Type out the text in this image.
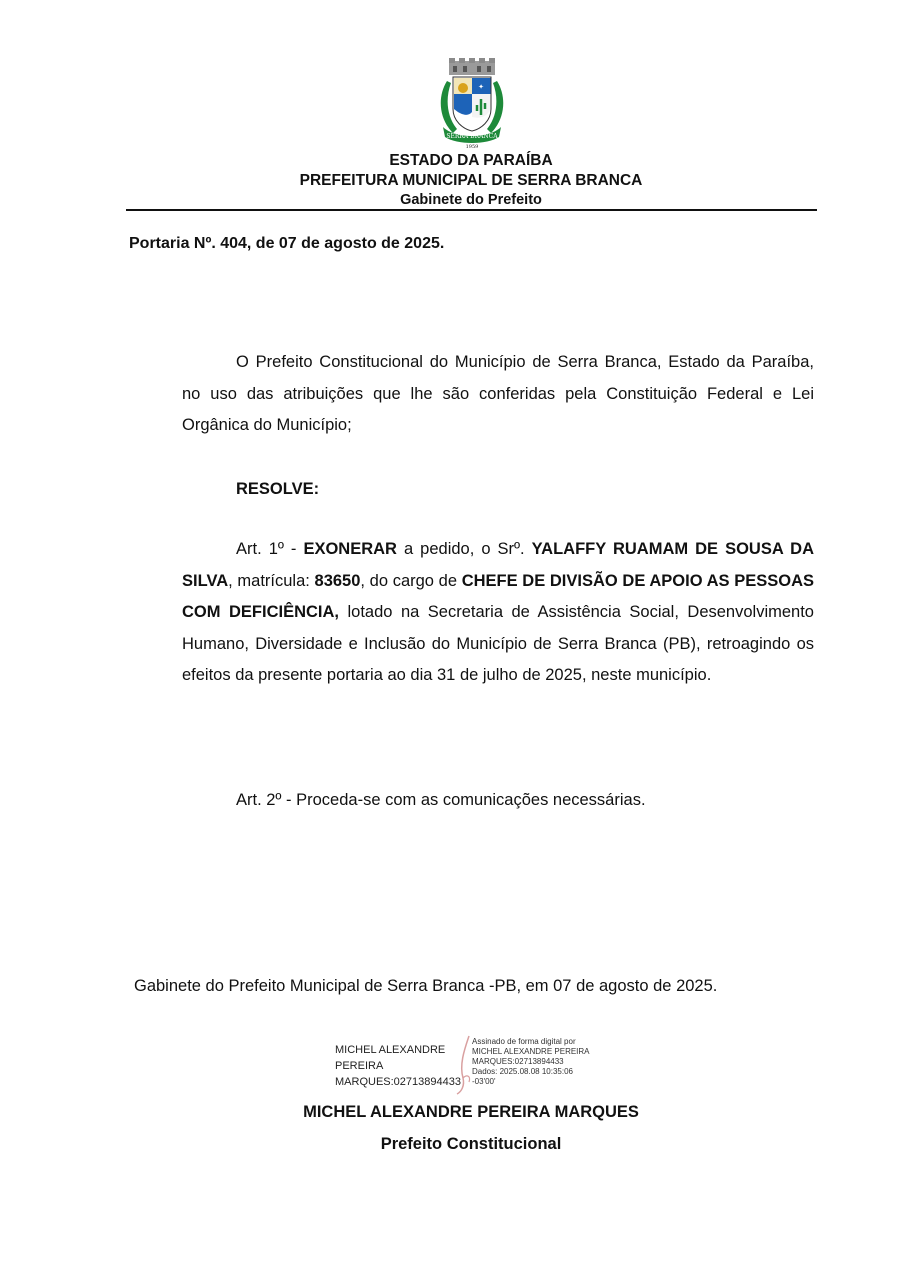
✦
SERRA BRANCA
1959
ESTADO DA PARAÍBA
PREFEITURA MUNICIPAL DE SERRA BRANCA
Gabinete do Prefeito
Portaria Nº. 404, de 07 de agosto de 2025.
O Prefeito Constitucional do Município de Serra Branca, Estado da Paraíba, no uso das atribuições que lhe são conferidas pela Constituição Federal e Lei Orgânica do Município;
RESOLVE:
Art. 1º - EXONERAR a pedido, o Srº. YALAFFY RUAMAM DE SOUSA DA SILVA, matrícula: 83650, do cargo de CHEFE DE DIVISÃO DE APOIO AS PESSOAS COM DEFICIÊNCIA, lotado na Secretaria de Assistência Social, Desenvolvimento Humano, Diversidade e Inclusão do Município de Serra Branca (PB), retroagindo os efeitos da presente portaria ao dia 31 de julho de 2025, neste município.
Art. 2º - Proceda-se com as comunicações necessárias.
Gabinete do Prefeito Municipal de Serra Branca -PB, em 07 de agosto de 2025.
MICHEL ALEXANDRE
PEREIRA
MARQUES:02713894433
Assinado de forma digital por
MICHEL ALEXANDRE PEREIRA
MARQUES:02713894433
Dados: 2025.08.08 10:35:06
-03'00'
MICHEL ALEXANDRE PEREIRA MARQUES
Prefeito Constitucional
